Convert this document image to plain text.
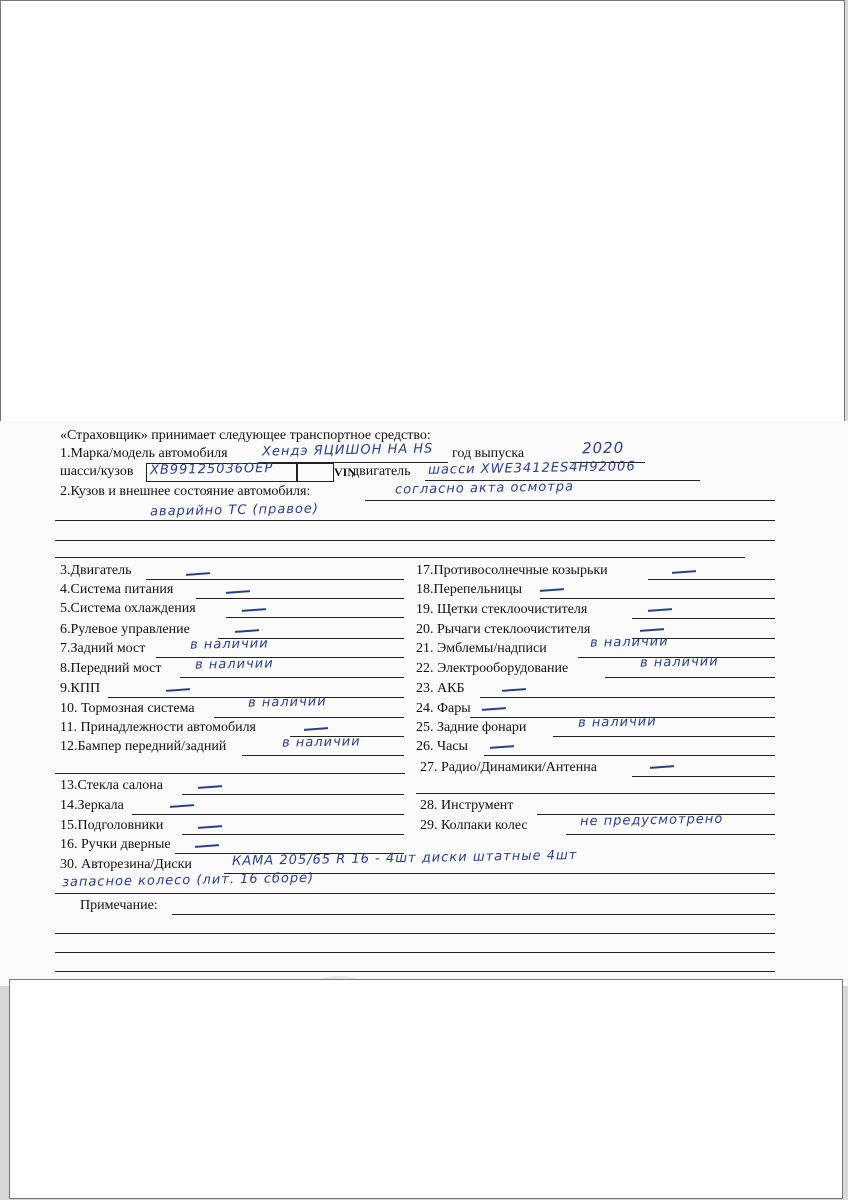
«Страховщик» принимает следующее транспортное средство:
1.Марка/модель автомобиля	Хендэ ЯЦИШОН НА НS год выпуска	2020
шасси/кузов ХВ99125036ОЕР	VIN
двигатель шасси ХWЕ3412ЕS4Н92006
2.Кузов и внешнее состояние автомобиля:	согласно акта осмотра
аварийно ТС (правое)
3.Двигатель
4.Система питания
5.Система охлаждения
6.Рулевое управление
7.Задний мост	в наличии
8.Передний мост	в наличии
9.КПП
10. Тормозная система	в наличии
11. Принадлежности автомобиля
12.Бампер передний/задний	в наличии
13.Стекла салона
14.Зеркала
15.Подголовники
16. Ручки дверные
17.Противосолнечные козырьки
18.Перепельницы
19. Щетки стеклоочистителя
20. Рычаги стеклоочистителя
21. Эмблемы/надписи	в наличии
22. Электрооборудование	в наличии
23. АКБ
24. Фары
25. Задние фонари	в наличии
26. Часы
27. Радио/Динамики/Антенна
28. Инструмент
29. Колпаки колес	не предусмотрено
30. Авторезина/Диски	КАМА 205/65 R 16 - 4шт диски штатные 4шт
запасное колесо (лит. 16 сборе)
Примечание:
